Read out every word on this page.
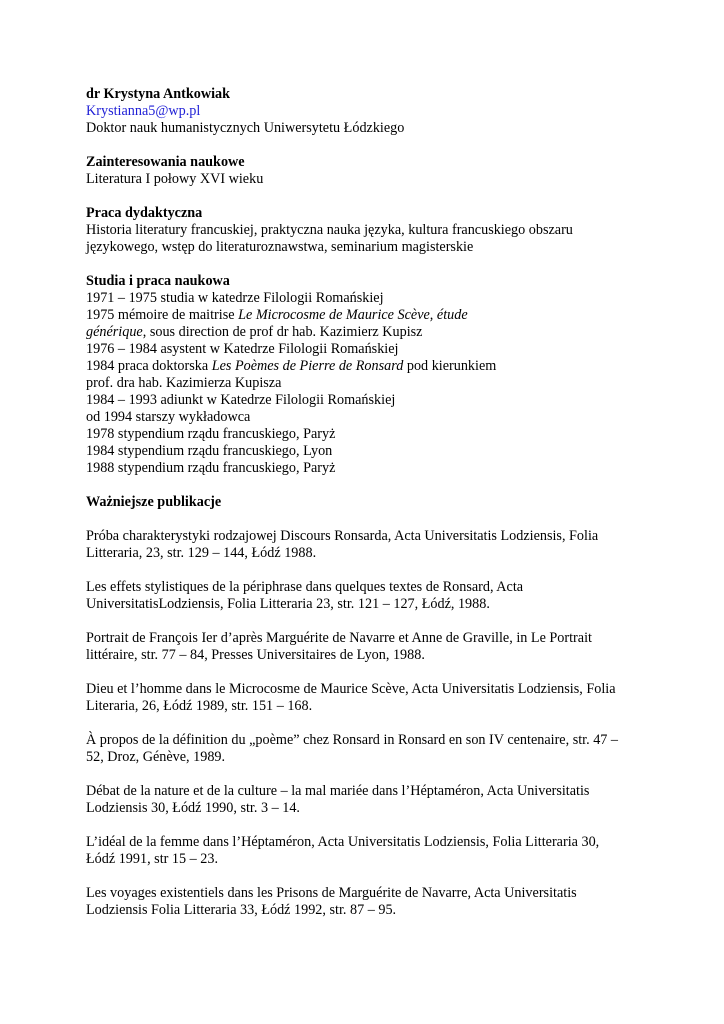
dr Krystyna Antkowiak
Krystianna5@wp.pl
Doktor nauk humanistycznych Uniwersytetu Łódzkiego
Zainteresowania naukowe
Literatura I połowy XVI wieku
Praca dydaktyczna
Historia literatury francuskiej, praktyczna nauka języka, kultura francuskiego obszaru
językowego, wstęp do literaturoznawstwa, seminarium magisterskie
Studia i praca naukowa
1971 – 1975 studia w katedrze Filologii Romańskiej
1975 mémoire de maitrise Le Microcosme de Maurice Scève, étude
générique, sous direction de prof dr hab. Kazimierz Kupisz
1976 – 1984 asystent w Katedrze Filologii Romańskiej
1984 praca doktorska Les Poèmes de Pierre de Ronsard pod kierunkiem
prof. dra hab. Kazimierza Kupisza
1984 – 1993 adiunkt w Katedrze Filologii Romańskiej
od 1994 starszy wykładowca
1978 stypendium rządu francuskiego, Paryż
1984 stypendium rządu francuskiego, Lyon
1988 stypendium rządu francuskiego, Paryż
Ważniejsze publikacje
Próba charakterystyki rodzajowej Discours Ronsarda, Acta Universitatis Lodziensis, Folia
Litteraria, 23, str. 129 – 144, Łódź 1988.
Les effets stylistiques de la périphrase dans quelques textes de Ronsard, Acta
UniversitatisLodziensis, Folia Litteraria 23, str. 121 – 127, Łódź, 1988.
Portrait de François Ier d’après Marguérite de Navarre et Anne de Graville, in Le Portrait
littéraire, str. 77 – 84, Presses Universitaires de Lyon, 1988.
Dieu et l’homme dans le Microcosme de Maurice Scève, Acta Universitatis Lodziensis, Folia
Literaria, 26, Łódź 1989, str. 151 – 168.
À propos de la définition du „poème” chez Ronsard in Ronsard en son IV centenaire, str. 47 –
52, Droz, Génève, 1989.
Débat de la nature et de la culture – la mal mariée dans l’Héptaméron, Acta Universitatis
Lodziensis 30, Łódź 1990, str. 3 – 14.
L’idéal de la femme dans l’Héptaméron, Acta Universitatis Lodziensis, Folia Litteraria 30,
Łódź 1991, str 15 – 23.
Les voyages existentiels dans les Prisons de Marguérite de Navarre, Acta Universitatis
Lodziensis Folia Litteraria 33, Łódź 1992, str. 87 – 95.
